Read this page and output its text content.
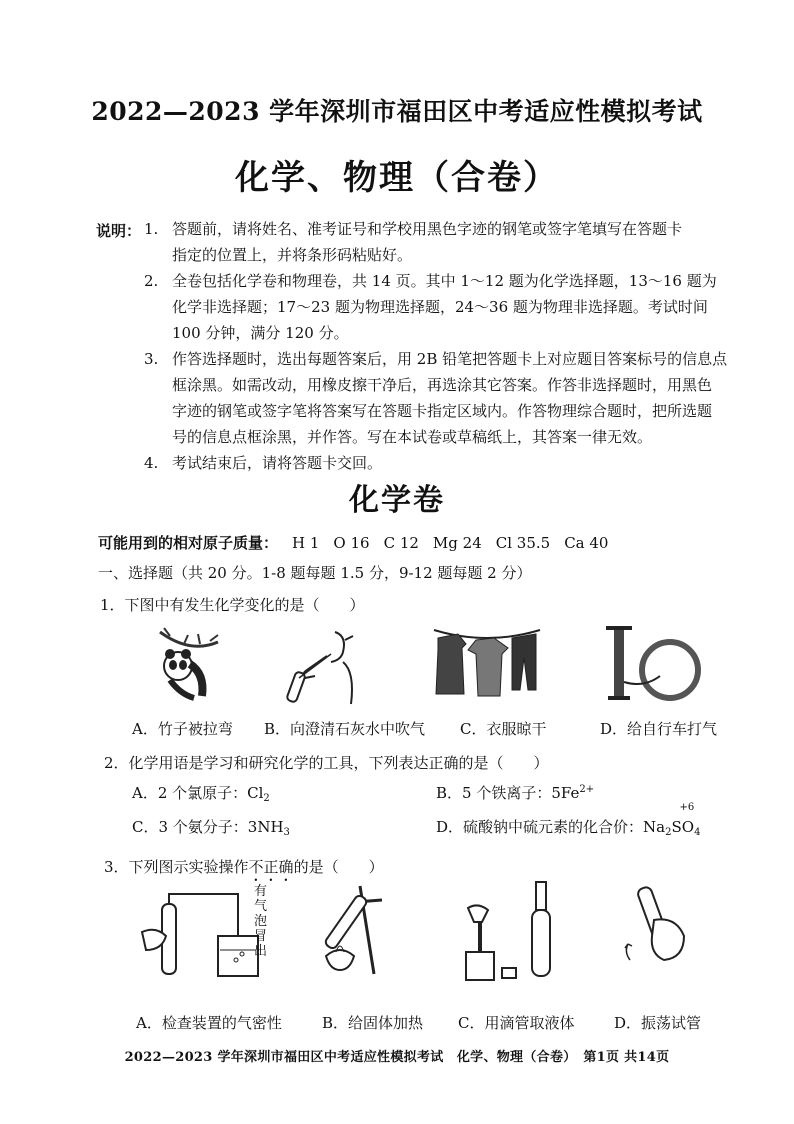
2022—2023 学年深圳市福田区中考适应性模拟考试
化学、物理（合卷）
说明： 1. 答题前，请将姓名、准考证号和学校用黑色字迹的钢笔或签字笔填写在答题卡
指定的位置上，并将条形码粘贴好。
2. 全卷包括化学卷和物理卷，共 14 页。其中 1～12 题为化学选择题，13～16 题为
化学非选择题；17～23 题为物理选择题，24～36 题为物理非选择题。考试时间
100 分钟，满分 120 分。
3. 作答选择题时，选出每题答案后，用 2B 铅笔把答题卡上对应题目答案标号的信息点
框涂黑。如需改动，用橡皮擦干净后，再选涂其它答案。作答非选择题时，用黑色
字迹的钢笔或签字笔将答案写在答题卡指定区域内。作答物理综合题时，把所选题
号的信息点框涂黑，并作答。写在本试卷或草稿纸上，其答案一律无效。
4. 考试结束后，请将答题卡交回。
化学卷
可能用到的相对原子质量： H 1 O 16 C 12 Mg 24 Cl 35.5 Ca 40
一、选择题（共 20 分。1-8 题每题 1.5 分，9-12 题每题 2 分）
1．下图中有发生化学变化的是（　　）
A．竹子被拉弯 B．向澄清石灰水中吹气 C．衣服晾干	D．给自行车打气
2．化学用语是学习和研究化学的工具，下列表达正确的是（　　）
A．2 个氯原子：$Cl_2$	B．5 个铁离子：$5Fe^{2+}$
C．3 个氨分子：$3NH_3$	D．硫酸钠中硫元素的化合价：$Na_2$
+6
$SO_4$
3．下列图示实验操作不正确的是（　　）
有
气
泡
冒
出
A．检查装置的气密性	B．给固体加热 C．用滴管取液体	D．振荡试管
2022—2023 学年深圳市福田区中考适应性模拟考试　化学、物理（合卷）　第1页 共14页
